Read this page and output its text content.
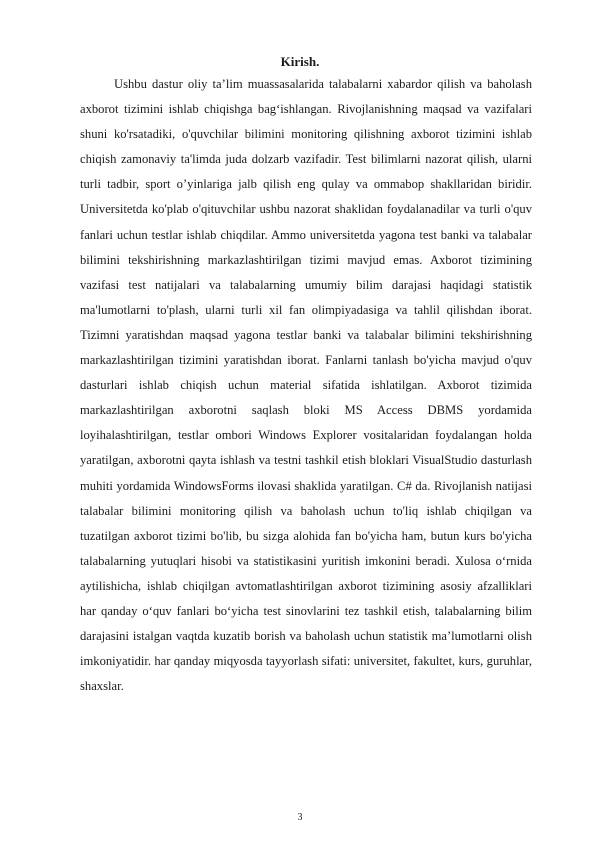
Kirish.

Ushbu dastur oliy ta’lim muassasalarida talabalarni xabardor qilish va baholash axborot tizimini ishlab chiqishga bag‘ishlangan. Rivojlanishning maqsad va vazifalari shuni ko'rsatadiki, o'quvchilar bilimini monitoring qilishning axborot tizimini ishlab chiqish zamonaviy ta'limda juda dolzarb vazifadir. Test bilimlarni nazorat qilish, ularni turli tadbir, sport o’yinlariga jalb qilish eng qulay va ommabop shakllaridan biridir. Universitetda ko'plab o'qituvchilar ushbu nazorat shaklidan foydalanadilar va turli o'quv fanlari uchun testlar ishlab chiqdilar. Ammo universitetda yagona test banki va talabalar bilimini tekshirishning markazlashtirilgan tizimi mavjud emas. Axborot tizimining vazifasi test natijalari va talabalarning umumiy bilim darajasi haqidagi statistik ma'lumotlarni to'plash, ularni turli xil fan olimpiyadasiga va tahlil qilishdan iborat. Tizimni yaratishdan maqsad yagona testlar banki va talabalar bilimini tekshirishning markazlashtirilgan tizimini yaratishdan iborat. Fanlarni tanlash bo'yicha mavjud o'quv dasturlari ishlab chiqish uchun material sifatida ishlatilgan. Axborot tizimida markazlashtirilgan axborotni saqlash bloki MS Access DBMS yordamida loyihalashtirilgan, testlar ombori Windows Explorer vositalaridan foydalangan holda yaratilgan, axborotni qayta ishlash va testni tashkil etish bloklari VisualStudio dasturlash muhiti yordamida WindowsForms ilovasi shaklida yaratilgan. C# da. Rivojlanish natijasi talabalar bilimini monitoring qilish va baholash uchun to'liq ishlab chiqilgan va tuzatilgan axborot tizimi bo'lib, bu sizga alohida fan bo'yicha ham, butun kurs bo'yicha talabalarning yutuqlari hisobi va statistikasini yuritish imkonini beradi. Xulosa o‘rnida aytilishicha, ishlab chiqilgan avtomatlashtirilgan axborot tizimining asosiy afzalliklari har qanday o‘quv fanlari bo‘yicha test sinovlarini tez tashkil etish, talabalarning bilim darajasini istalgan vaqtda kuzatib borish va baholash uchun statistik ma’lumotlarni olish imkoniyatidir. har qanday miqyosda tayyorlash sifati: universitet, fakultet, kurs, guruhlar, shaxslar.

3
